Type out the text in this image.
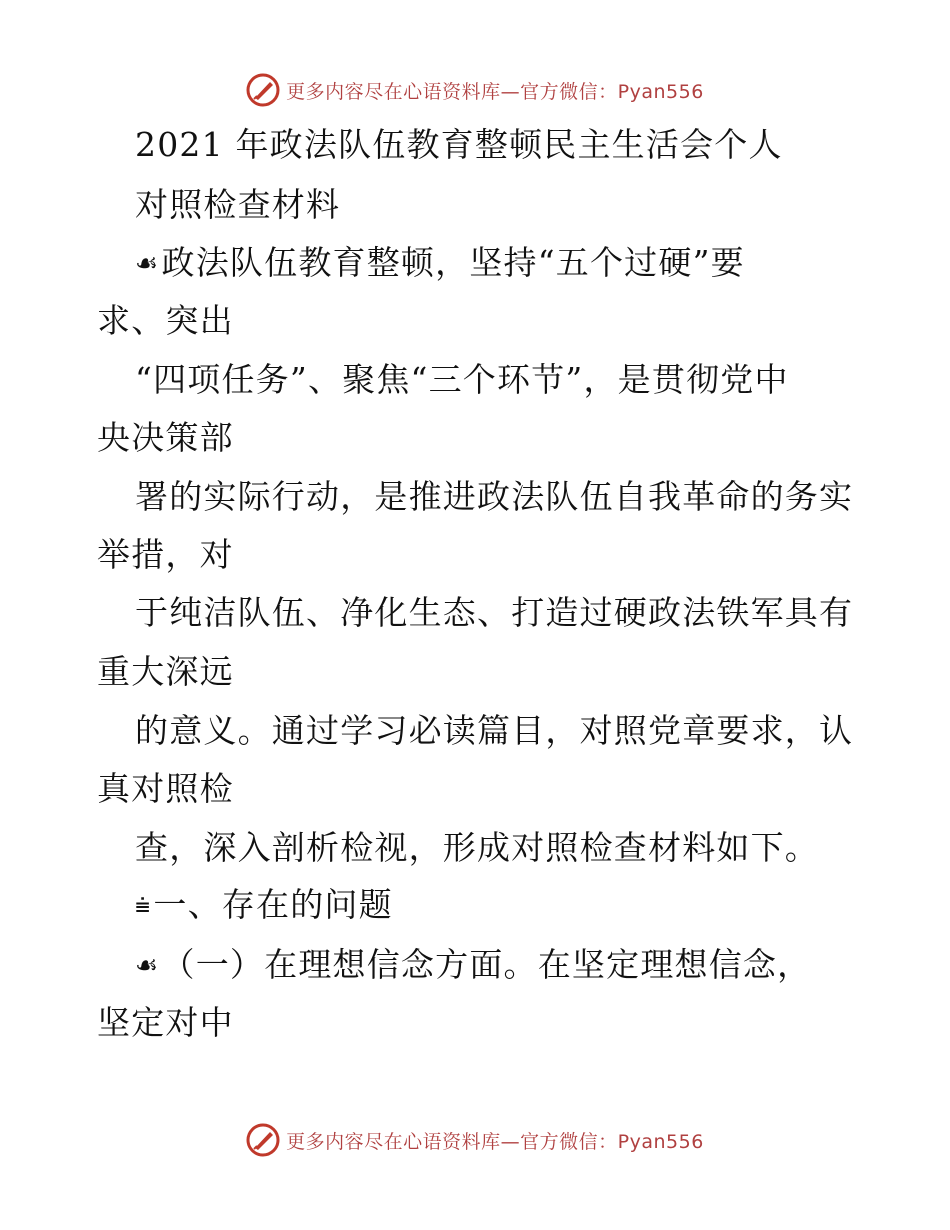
更多内容尽在心语资料库—官方微信：Pyan556
2021 年政法队伍教育整顿民主生活会个人
对照检查材料
☙政法队伍教育整顿，坚持“五个过硬”要
求、突出
“四项任务”、聚焦“三个环节”，是贯彻党中
央决策部
署的实际行动，是推进政法队伍自我革命的务实
举措，对
于纯洁队伍、净化生态、打造过硬政法铁军具有
重大深远
的意义。通过学习必读篇目，对照党章要求，认
真对照检
查，深入剖析检视，形成对照检查材料如下。
⩧一、存在的问题
☙（一）在理想信念方面。在坚定理想信念，
坚定对中
更多内容尽在心语资料库—官方微信：Pyan556
